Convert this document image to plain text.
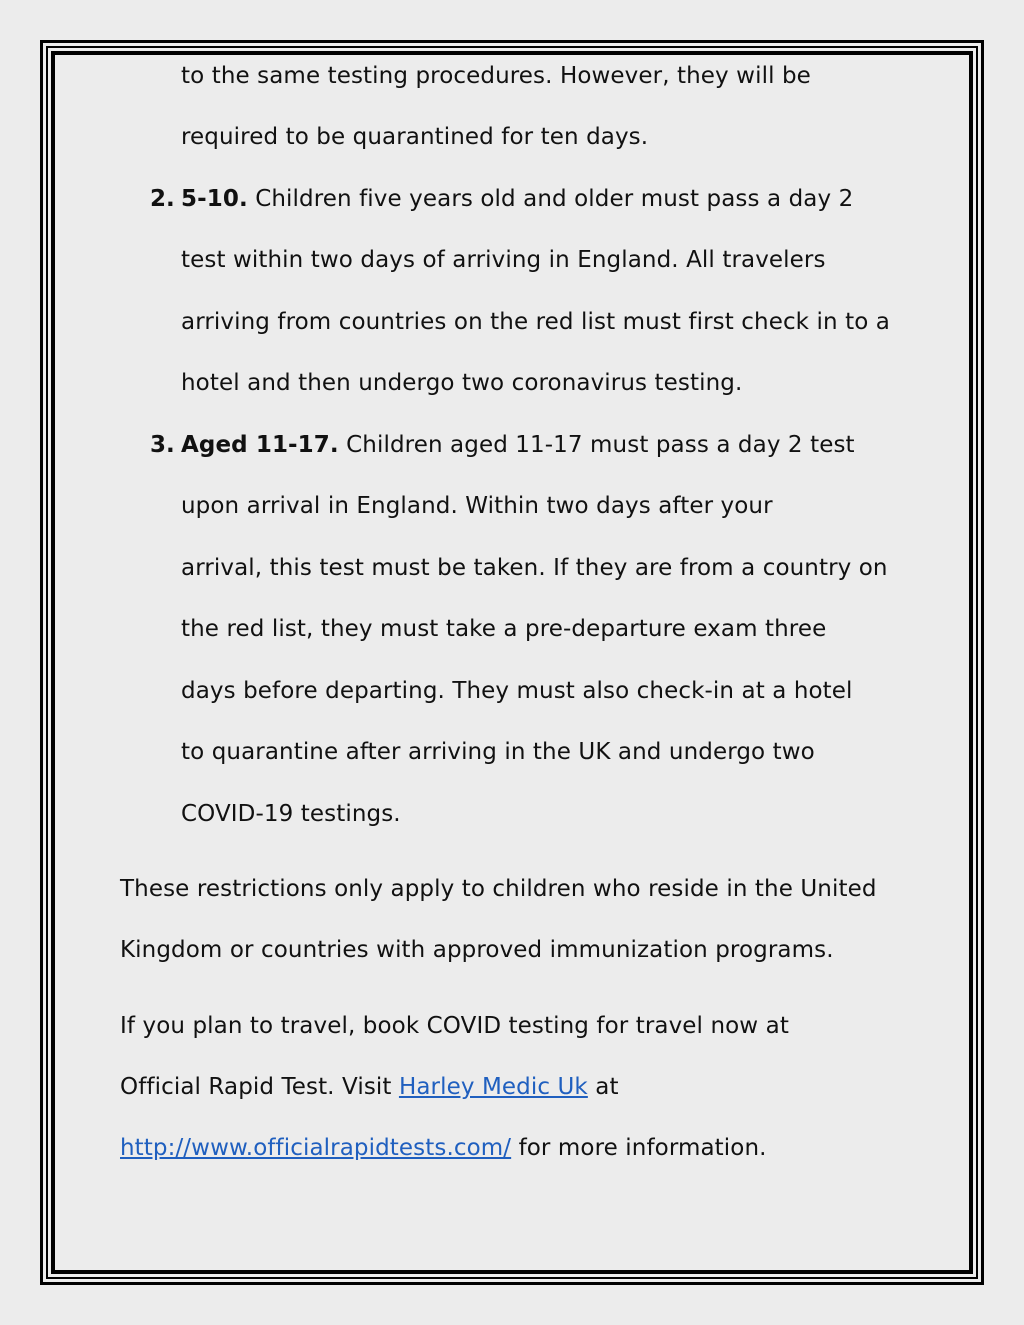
to the same testing procedures. However, they will be
required to be quarantined for ten days.
2. 5-10. Children five years old and older must pass a day 2
test within two days of arriving in England. All travelers
arriving from countries on the red list must first check in to a
hotel and then undergo two coronavirus testing.
3. Aged 11-17. Children aged 11-17 must pass a day 2 test
upon arrival in England. Within two days after your
arrival, this test must be taken. If they are from a country on
the red list, they must take a pre-departure exam three
days before departing. They must also check-in at a hotel
to quarantine after arriving in the UK and undergo two
COVID-19 testings.
These restrictions only apply to children who reside in the United
Kingdom or countries with approved immunization programs.
If you plan to travel, book COVID testing for travel now at
Official Rapid Test. Visit Harley Medic Uk at
http://www.officialrapidtests.com/ for more information.
